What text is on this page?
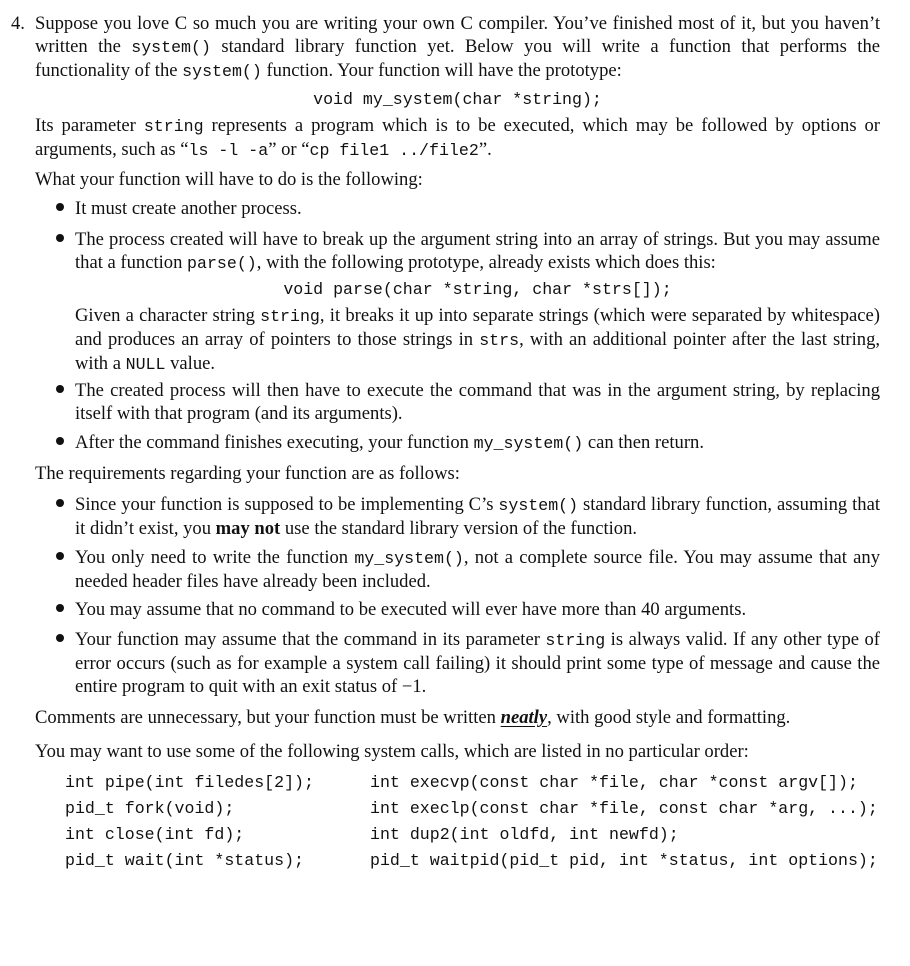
4. Suppose you love C so much you are writing your own C compiler. You’ve finished most of it, but you haven’t written the system() standard library function yet. Below you will write a function that performs the functionality of the system() function. Your function will have the prototype:

void my_system(char *string);

Its parameter string represents a program which is to be executed, which may be followed by options or arguments, such as “ls -l -a” or “cp file1 ../file2”.

What your function will have to do is the following:

It must create another process.

The process created will have to break up the argument string into an array of strings. But you may assume that a function parse(), with the following prototype, already exists which does this:

void parse(char *string, char *strs[]);

Given a character string string, it breaks it up into separate strings (which were separated by whitespace) and produces an array of pointers to those strings in strs, with an additional pointer after the last string, with a NULL value.

The created process will then have to execute the command that was in the argument string, by replacing itself with that program (and its arguments).

After the command finishes executing, your function my_system() can then return.

The requirements regarding your function are as follows:

Since your function is supposed to be implementing C’s system() standard library function, assuming that it didn’t exist, you may not use the standard library version of the function.

You only need to write the function my_system(), not a complete source file. You may assume that any needed header files have already been included.

You may assume that no command to be executed will ever have more than 40 arguments.

Your function may assume that the command in its parameter string is always valid. If any other type of error occurs (such as for example a system call failing) it should print some type of message and cause the entire program to quit with an exit status of −1.

Comments are unnecessary, but your function must be written neatly, with good style and formatting.

You may want to use some of the following system calls, which are listed in no particular order:

int pipe(int filedes[2]);
pid_t fork(void);
int close(int fd);
pid_t wait(int *status);
int execvp(const char *file, char *const argv[]);
int execlp(const char *file, const char *arg, ...);
int dup2(int oldfd, int newfd);
pid_t waitpid(pid_t pid, int *status, int options);
